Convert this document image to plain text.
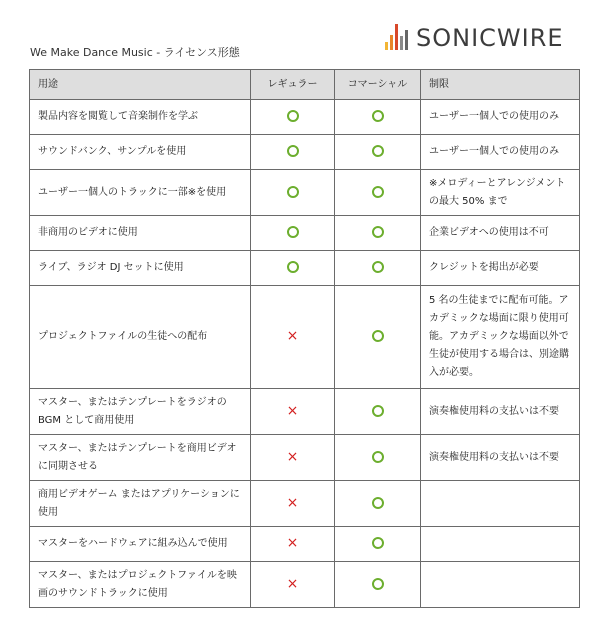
We Make Dance Music - ライセンス形態
SONICWIRE
用途	レギュラー	コマーシャル	制限
製品内容を閲覧して音楽制作を学ぶ			ユーザー一個人での使用のみ
サウンドバンク、サンプルを使用			ユーザー一個人での使用のみ
ユーザー一個人のトラックに一部※を使用			※メロディーとアレンジメントの最大 50% まで
非商用のビデオに使用			企業ビデオへの使用は不可
ライブ、ラジオ DJ セットに使用			クレジットを掲出が必要
プロジェクトファイルの生徒への配布	×		5 名の生徒までに配布可能。アカデミックな場面に限り使用可能。アカデミックな場面以外で生徒が使用する場合は、別途購入が必要。
マスター、またはテンプレートをラジオの BGM として商用使用	×		演奏権使用料の支払いは不要
マスター、またはテンプレートを商用ビデオに同期させる	×		演奏権使用料の支払いは不要
商用ビデオゲーム またはアプリケーションに使用	×		
マスターをハードウェアに組み込んで使用	×		
マスター、またはプロジェクトファイルを映画のサウンドトラックに使用	×		
